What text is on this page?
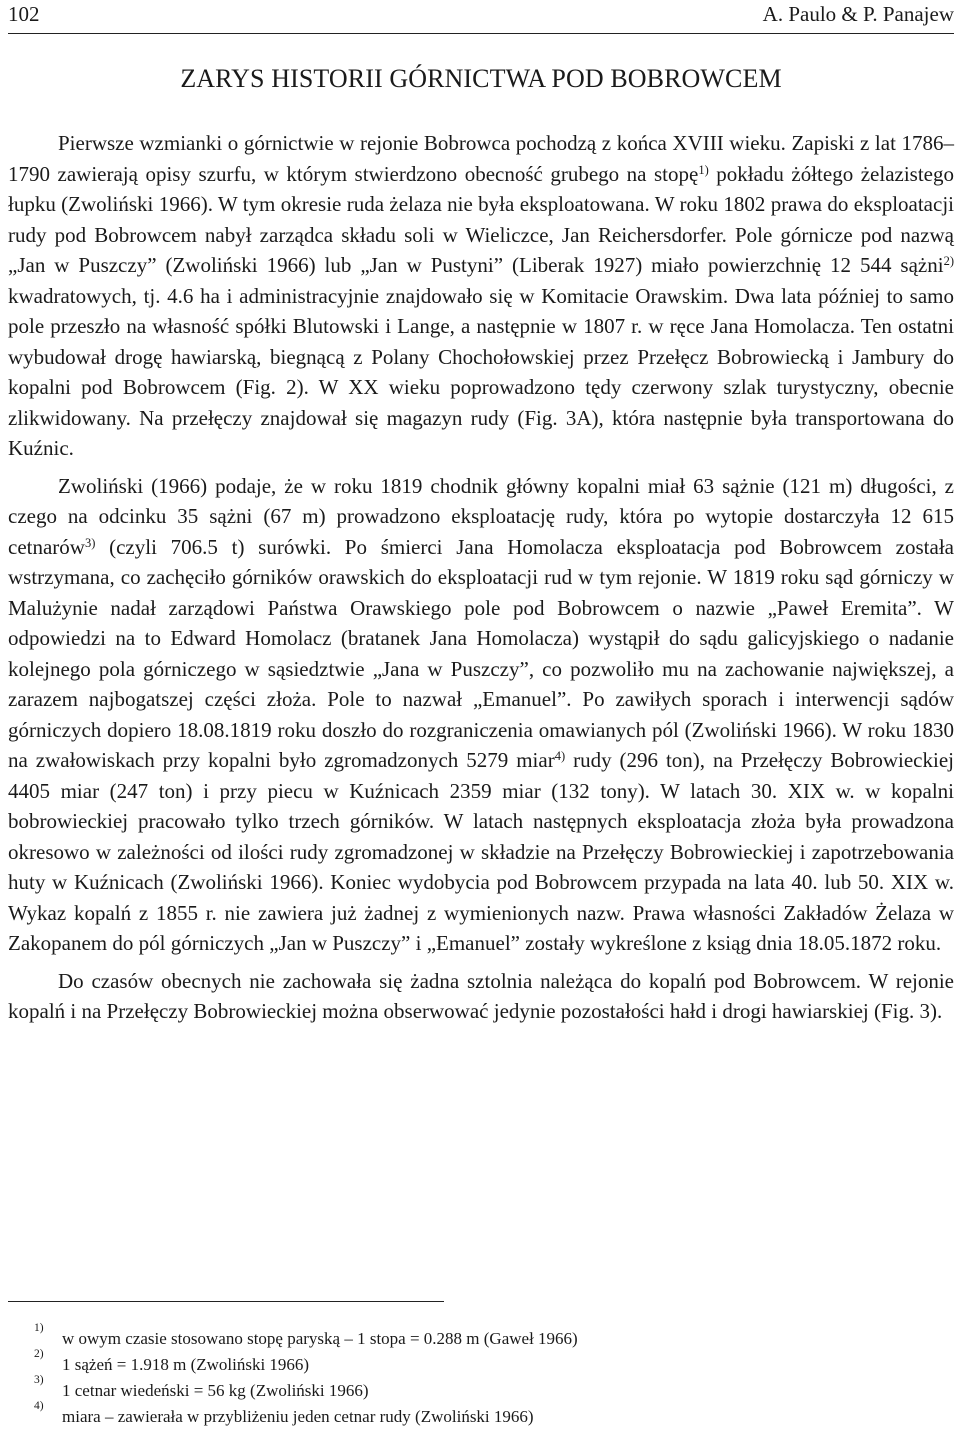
102	A. Paulo & P. Panajew
ZARYS HISTORII GÓRNICTWA POD BOBROWCEM

Pierwsze wzmianki o górnictwie w rejonie Bobrowca pochodzą z końca XVIII wieku. Zapiski z lat 1786–1790 zawierają opisy szurfu, w którym stwierdzono obecność grubego na stopę$^{1)}$ pokładu żółtego żelazistego łupku (Zwoliński 1966). W tym okresie ruda żelaza nie była eksploatowana. W roku 1802 prawa do eksploatacji rudy pod Bobrowcem nabył zarządca składu soli w Wieliczce, Jan Reichersdorfer. Pole górnicze pod nazwą „Jan w Puszczy” (Zwoliński 1966) lub „Jan w Pustyni” (Liberak 1927) miało powierzchnię 12 544 sążni$^{2)}$ kwadratowych, tj. 4.6 ha i administracyjnie znajdowało się w Komitacie Orawskim. Dwa lata później to samo pole przeszło na własność spółki Blutowski i Lange, a następnie w 1807 r. w ręce Jana Homolacza. Ten ostatni wybudował drogę hawiarską, biegnącą z Polany Chochołowskiej przez Przełęcz Bobrowiecką i Jambury do kopalni pod Bobrowcem (Fig. 2). W XX wieku poprowadzono tędy czerwony szlak turystyczny, obecnie zlikwidowany. Na przełęczy znajdował się magazyn rudy (Fig. 3A), która następnie była transportowana do Kuźnic.

Zwoliński (1966) podaje, że w roku 1819 chodnik główny kopalni miał 63 sążnie (121 m) długości, z czego na odcinku 35 sążni (67 m) prowadzono eksploatację rudy, która po wytopie dostarczyła 12 615 cetnarów$^{3)}$ (czyli 706.5 t) surówki. Po śmierci Jana Homolacza eksploatacja pod Bobrowcem została wstrzymana, co zachęciło górników orawskich do eksploatacji rud w tym rejonie. W 1819 roku sąd górniczy w Malużynie nadał zarządowi Państwa Orawskiego pole pod Bobrowcem o nazwie „Paweł Eremita”. W odpowiedzi na to Edward Homolacz (bratanek Jana Homolacza) wystąpił do sądu galicyjskiego o nadanie kolejnego pola górniczego w sąsiedztwie „Jana w Puszczy”, co pozwoliło mu na zachowanie największej, a zarazem najbogatszej części złoża. Pole to nazwał „Emanuel”. Po zawiłych sporach i interwencji sądów górniczych dopiero 18.08.1819 roku doszło do rozgraniczenia omawianych pól (Zwoliński 1966). W roku 1830 na zwałowiskach przy kopalni było zgromadzonych 5279 miar$^{4)}$ rudy (296 ton), na Przełęczy Bobrowieckiej 4405 miar (247 ton) i przy piecu w Kuźnicach 2359 miar (132 tony). W latach 30. XIX w. w kopalni bobrowieckiej pracowało tylko trzech górników. W latach następnych eksploatacja złoża była prowadzona okresowo w zależności od ilości rudy zgromadzonej w składzie na Przełęczy Bobrowieckiej i zapotrzebowania huty w Kuźnicach (Zwoliński 1966). Koniec wydobycia pod Bobrowcem przypada na lata 40. lub 50. XIX w. Wykaz kopalń z 1855 r. nie zawiera już żadnej z wymienionych nazw. Prawa własności Zakładów Żelaza w Zakopanem do pól górniczych „Jan w Puszczy” i „Emanuel” zostały wykreślone z ksiąg dnia 18.05.1872 roku.

Do czasów obecnych nie zachowała się żadna sztolnia należąca do kopalń pod Bobrowcem. W rejonie kopalń i na Przełęczy Bobrowieckiej można obserwować jedynie pozostałości hałd i drogi hawiarskiej (Fig. 3).

1)
w owym czasie stosowano stopę paryską – 1 stopa = 0.288 m (Gaweł 1966)
2)
1 sążeń = 1.918 m (Zwoliński 1966)
3)
1 cetnar wiedeński = 56 kg (Zwoliński 1966)
4)
miara – zawierała w przybliżeniu jeden cetnar rudy (Zwoliński 1966)
